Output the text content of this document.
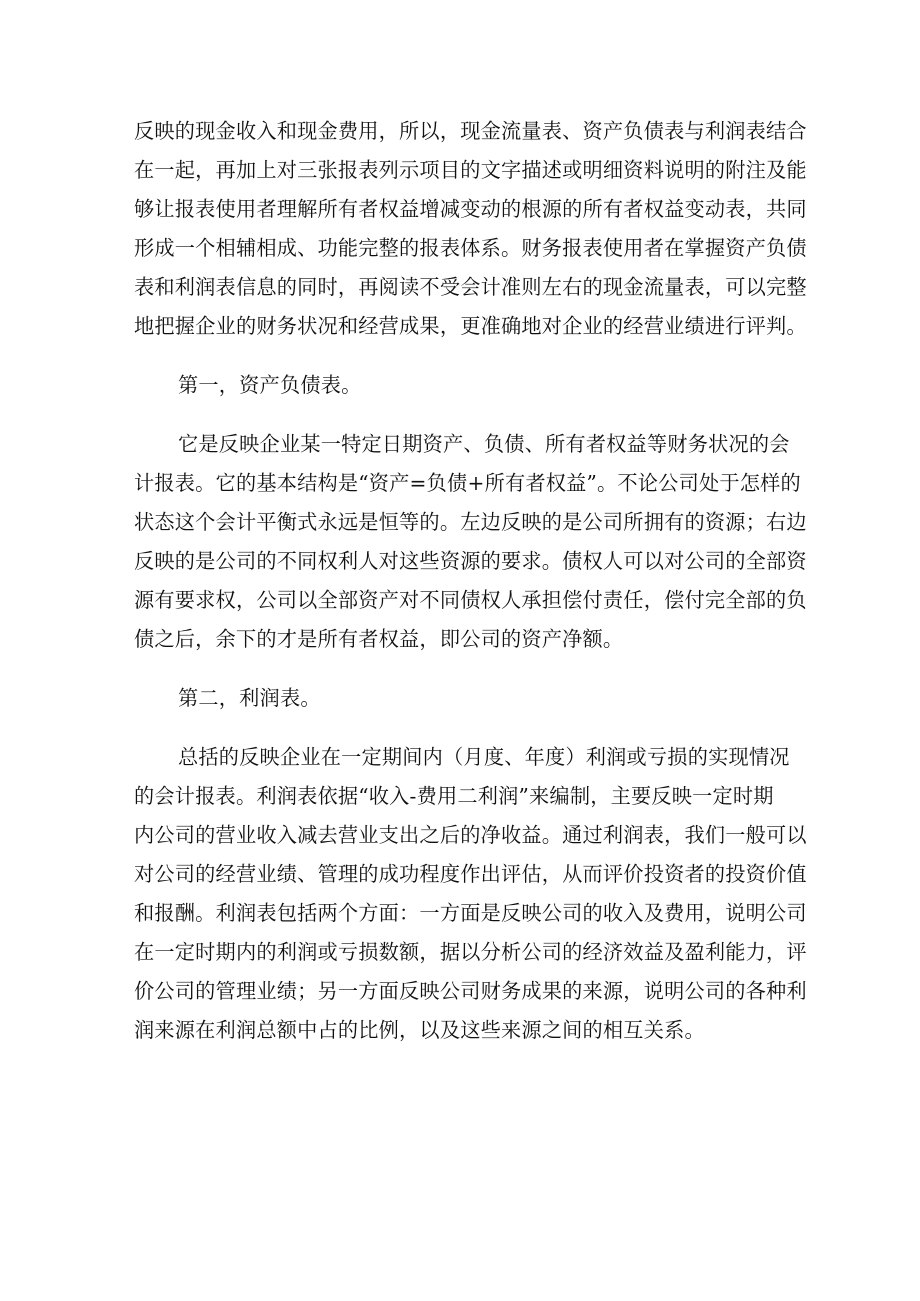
反映的现金收入和现金费用，所以，现金流量表、资产负债表与利润表结合
在一起，再加上对三张报表列示项目的文字描述或明细资料说明的附注及能
够让报表使用者理解所有者权益增减变动的根源的所有者权益变动表，共同
形成一个相辅相成、功能完整的报表体系。财务报表使用者在掌握资产负债
表和利润表信息的同时，再阅读不受会计准则左右的现金流量表，可以完整
地把握企业的财务状况和经营成果，更准确地对企业的经营业绩进行评判。
第一，资产负债表。
它是反映企业某一特定日期资产、负债、所有者权益等财务状况的会
计报表。它的基本结构是“资产=负债+所有者权益”。不论公司处于怎样的
状态这个会计平衡式永远是恒等的。左边反映的是公司所拥有的资源；右边
反映的是公司的不同权利人对这些资源的要求。债权人可以对公司的全部资
源有要求权，公司以全部资产对不同债权人承担偿付责任，偿付完全部的负
债之后，余下的才是所有者权益，即公司的资产净额。
第二，利润表。
总括的反映企业在一定期间内（月度、年度）利润或亏损的实现情况
的会计报表。利润表依据“收入-费用二利润”来编制，主要反映一定时期
内公司的营业收入减去营业支出之后的净收益。通过利润表，我们一般可以
对公司的经营业绩、管理的成功程度作出评估，从而评价投资者的投资价值
和报酬。利润表包括两个方面：一方面是反映公司的收入及费用，说明公司
在一定时期内的利润或亏损数额，据以分析公司的经济效益及盈利能力，评
价公司的管理业绩；另一方面反映公司财务成果的来源，说明公司的各种利
润来源在利润总额中占的比例，以及这些来源之间的相互关系。
